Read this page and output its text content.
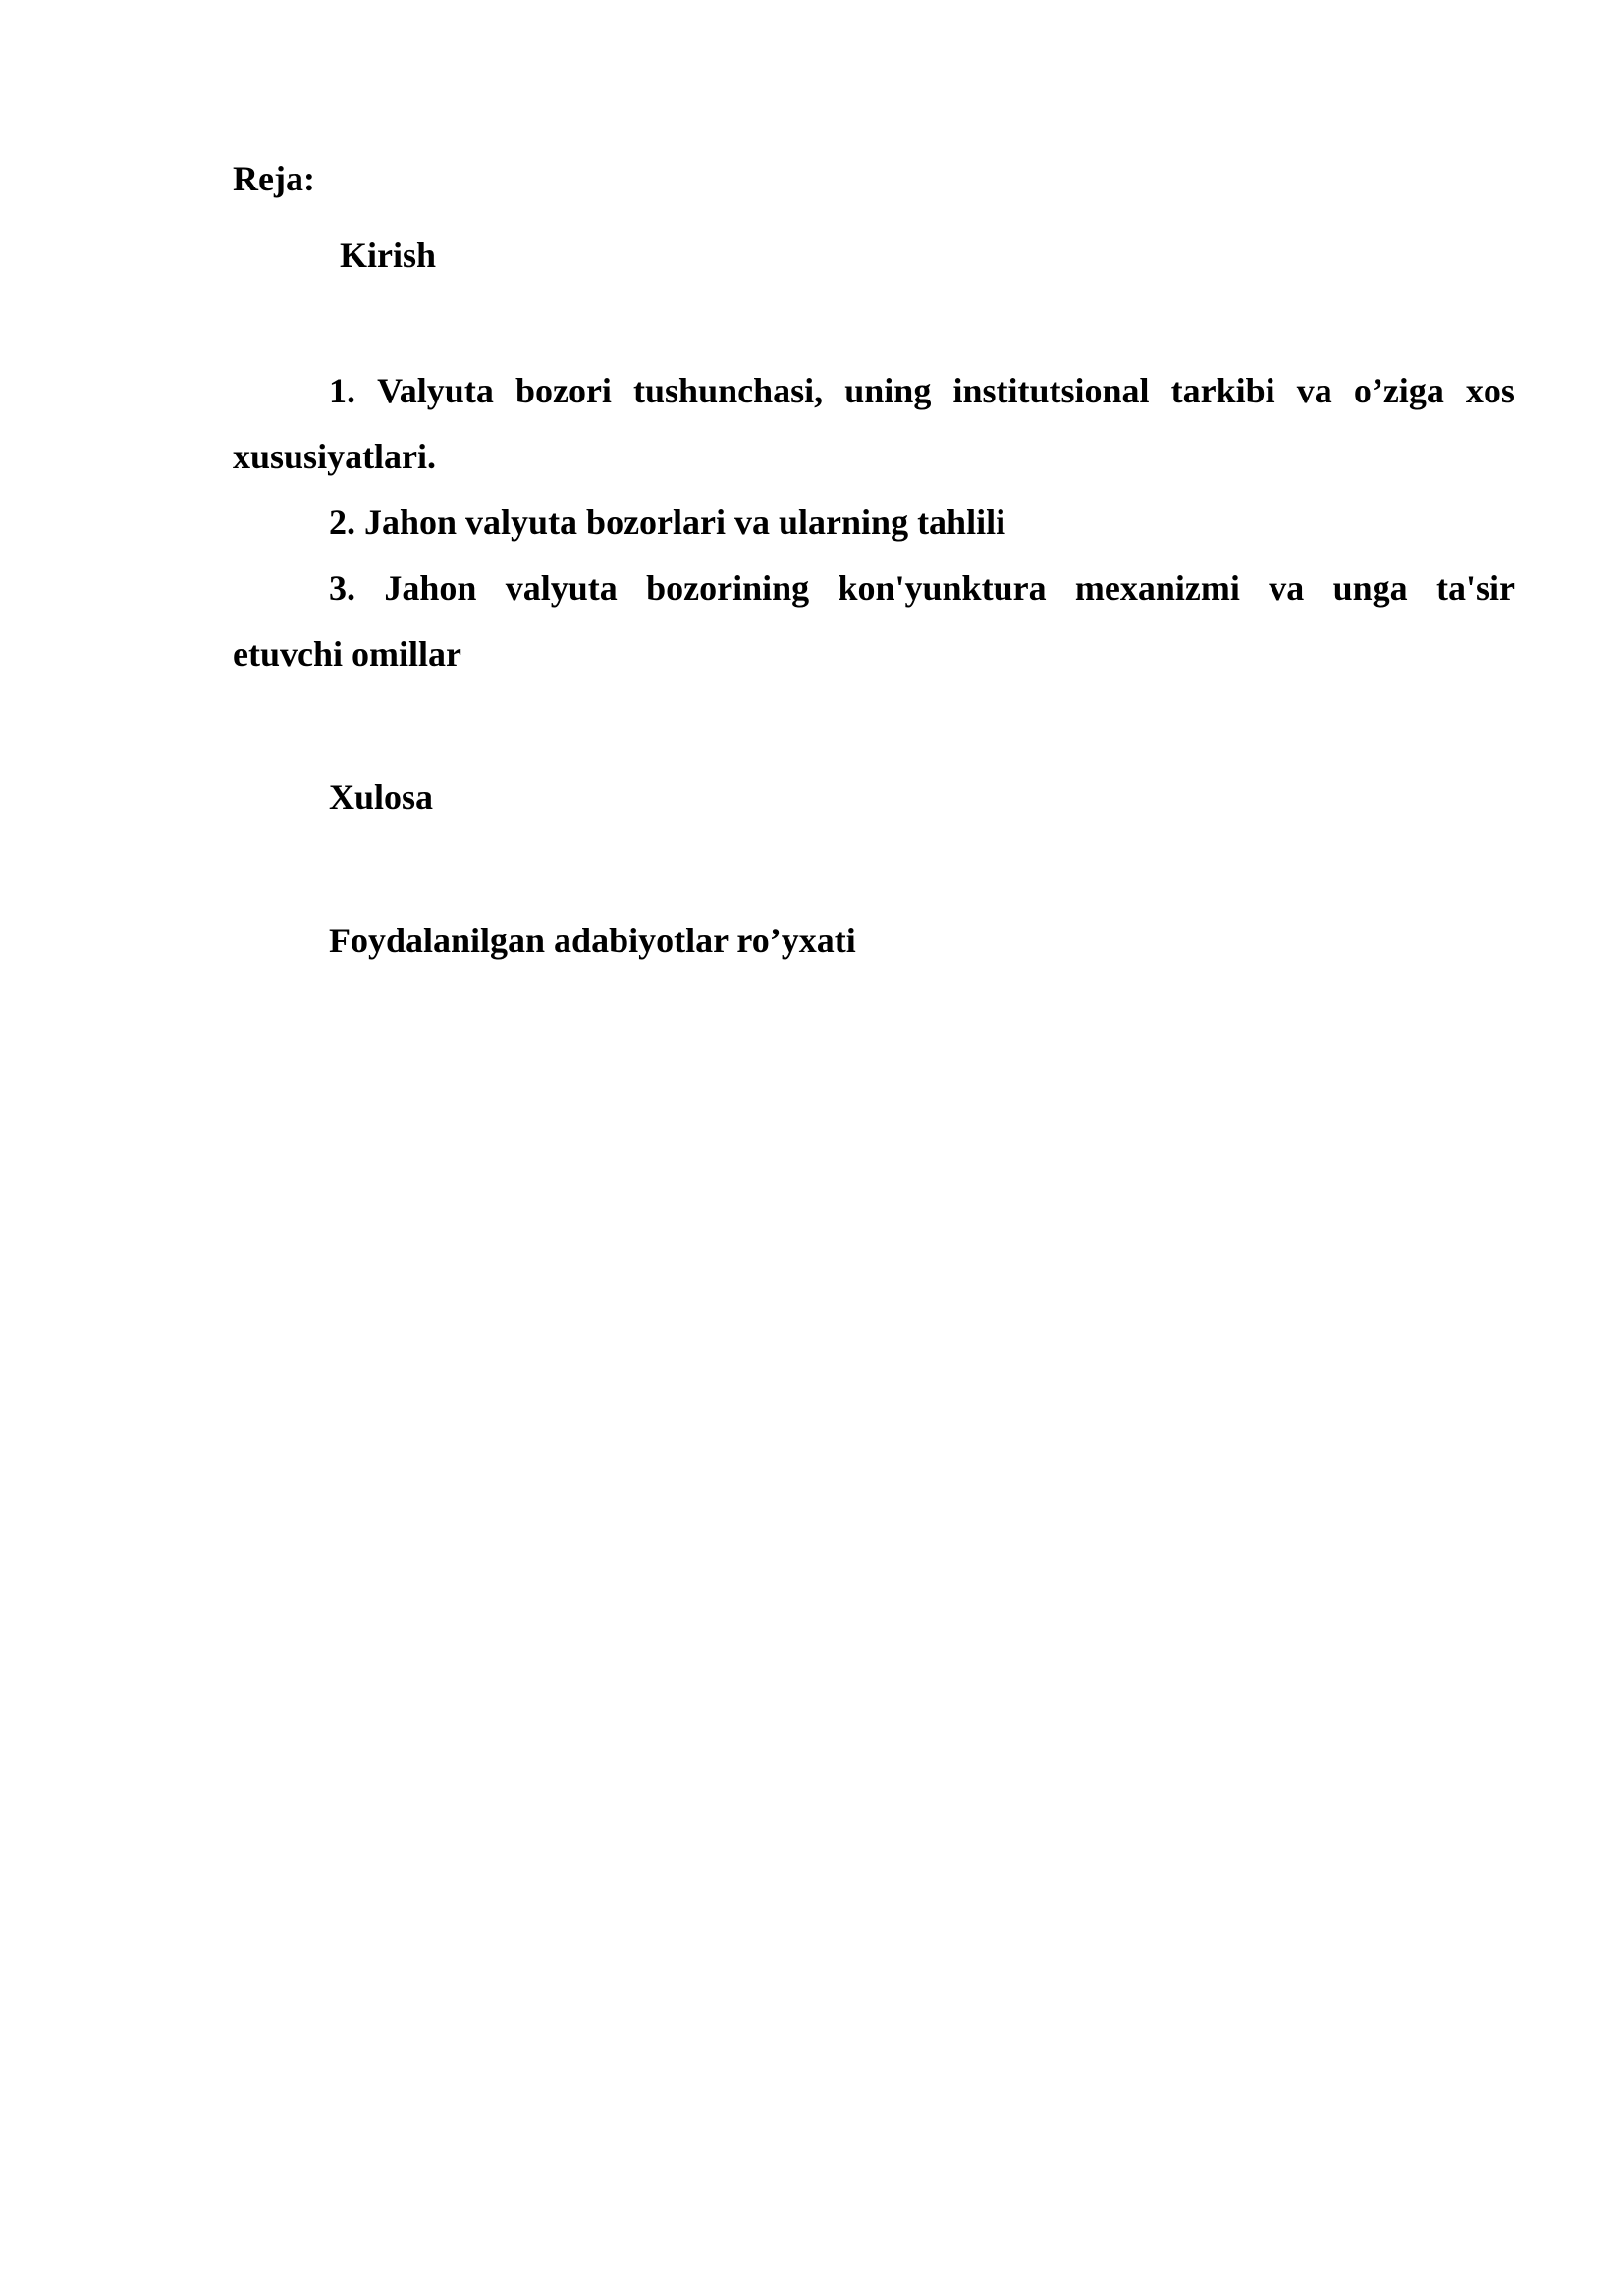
Reja:
Kirish
1. Valyuta bozori tushunchasi, uning institutsional tarkibi va o’ziga xos
xususiyatlari.
2. Jahon valyuta bozorlari va ularning tahlili
3. Jahon valyuta bozorining kon'yunktura mexanizmi va unga ta'sir
etuvchi omillar
Xulosa
Foydalanilgan adabiyotlar ro’yxati
